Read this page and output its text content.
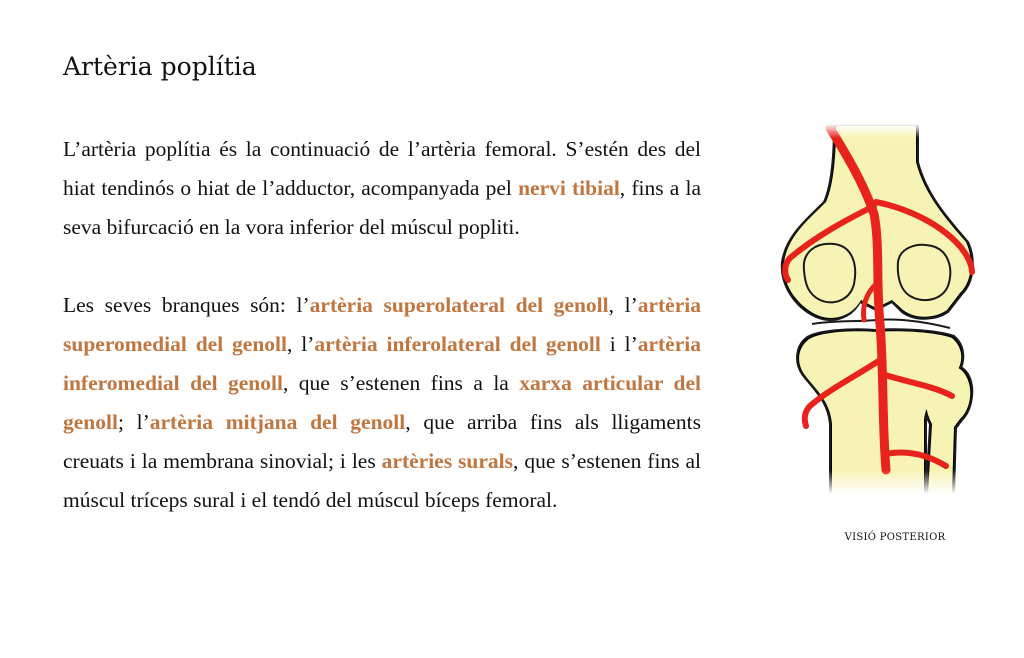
Artèria poplítia

L’artèria poplítia és la continuació de l’artèria femoral. S’estén des del hiat tendinós o hiat de l’adductor, acompanyada pel nervi tibial, fins a la seva bifurcació en la vora inferior del múscul popliti.

Les seves branques són: l’artèria superolateral del genoll, l’artèria superomedial del genoll, l’artèria inferolateral del genoll i l’artèria inferomedial del genoll, que s’estenen fins a la xarxa articular del genoll; l’artèria mitjana del genoll, que arriba fins als lligaments creuats i la membrana sinovial; i les artèries surals, que s’estenen fins al múscul tríceps sural i el tendó del múscul bíceps femoral.

VISIÓ POSTERIOR
